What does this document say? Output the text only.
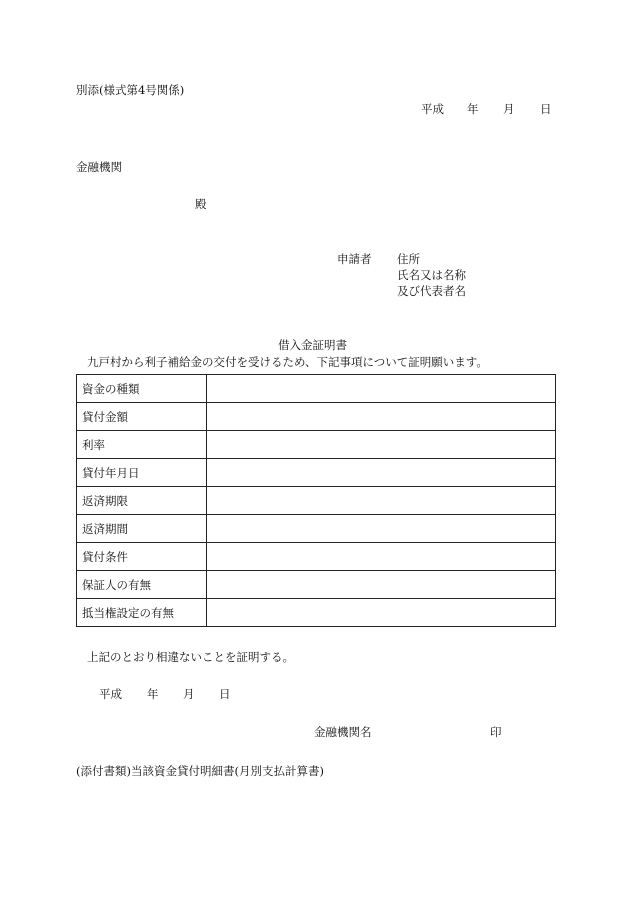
別添(様式第4号関係)
平成 年 月 日
金融機関
殿
申請者 住所
氏名又は名称
及び代表者名
借入金証明書
九戸村から利子補給金の交付を受けるため、下記事項について証明願います。
資金の種類	
貸付金額	
利率	
貸付年月日	
返済期限	
返済期間	
貸付条件	
保証人の有無	
抵当権設定の有無	
上記のとおり相違ないことを証明する。
平成 年 月 日
金融機関名	印
(添付書類)当該資金貸付明細書(月別支払計算書)
